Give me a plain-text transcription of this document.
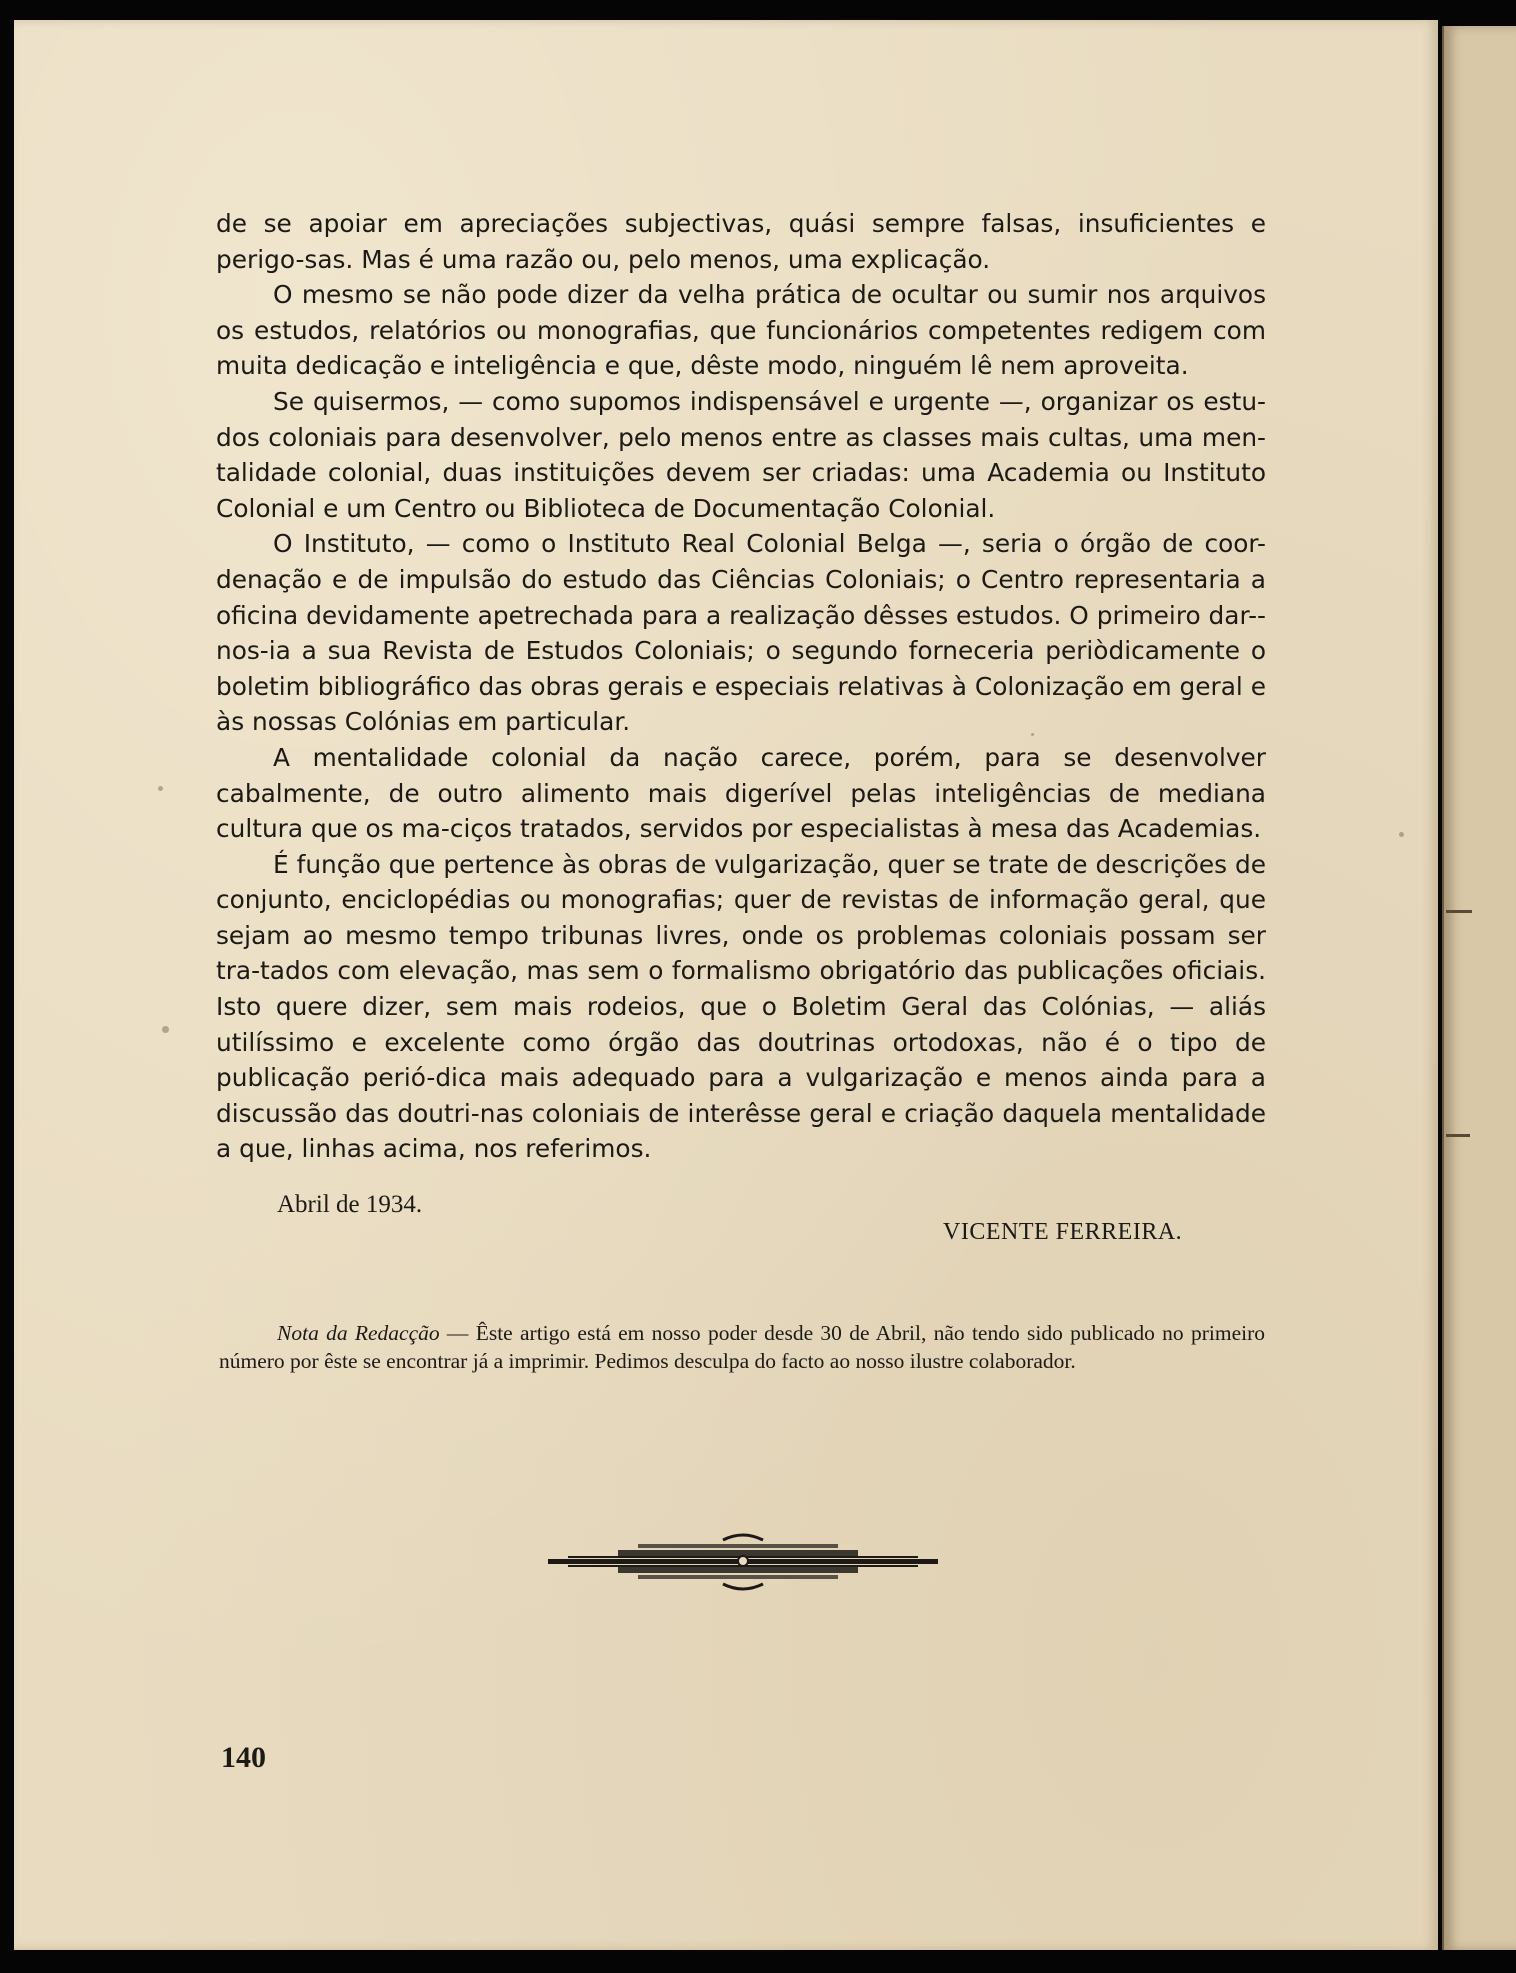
de se apoiar em apreciações subjectivas, quási sempre falsas, insuficientes e perigo-sas. Mas é uma razão ou, pelo menos, uma explicação.

O mesmo se não pode dizer da velha prática de ocultar ou sumir nos arquivos os estudos, relatórios ou monografias, que funcionários competentes redigem com muita dedicação e inteligência e que, dêste modo, ninguém lê nem aproveita.

Se quisermos, — como supomos indispensável e urgente —, organizar os estu-dos coloniais para desenvolver, pelo menos entre as classes mais cultas, uma men-talidade colonial, duas instituições devem ser criadas: uma Academia ou Instituto Colonial e um Centro ou Biblioteca de Documentação Colonial.

O Instituto, — como o Instituto Real Colonial Belga —, seria o órgão de coor-denação e de impulsão do estudo das Ciências Coloniais; o Centro representaria a oficina devidamente apetrechada para a realização dêsses estudos. O primeiro dar--nos-ia a sua Revista de Estudos Coloniais; o segundo forneceria periòdicamente o boletim bibliográfico das obras gerais e especiais relativas à Colonização em geral e às nossas Colónias em particular.

A mentalidade colonial da nação carece, porém, para se desenvolver cabalmente, de outro alimento mais digerível pelas inteligências de mediana cultura que os ma-ciços tratados, servidos por especialistas à mesa das Academias.

É função que pertence às obras de vulgarização, quer se trate de descrições de conjunto, enciclopédias ou monografias; quer de revistas de informação geral, que sejam ao mesmo tempo tribunas livres, onde os problemas coloniais possam ser tra-tados com elevação, mas sem o formalismo obrigatório das publicações oficiais. Isto quere dizer, sem mais rodeios, que o Boletim Geral das Colónias, — aliás utilíssimo e excelente como órgão das doutrinas ortodoxas, não é o tipo de publicação perió-dica mais adequado para a vulgarização e menos ainda para a discussão das doutri-nas coloniais de interêsse geral e criação daquela mentalidade a que, linhas acima, nos referimos.

Abril de 1934.
VICENTE FERREIRA.
Nota da Redacção — Êste artigo está em nosso poder desde 30 de Abril, não tendo sido publicado no primeiro número por êste se encontrar já a imprimir. Pedimos desculpa do facto ao nosso ilustre colaborador.
140
